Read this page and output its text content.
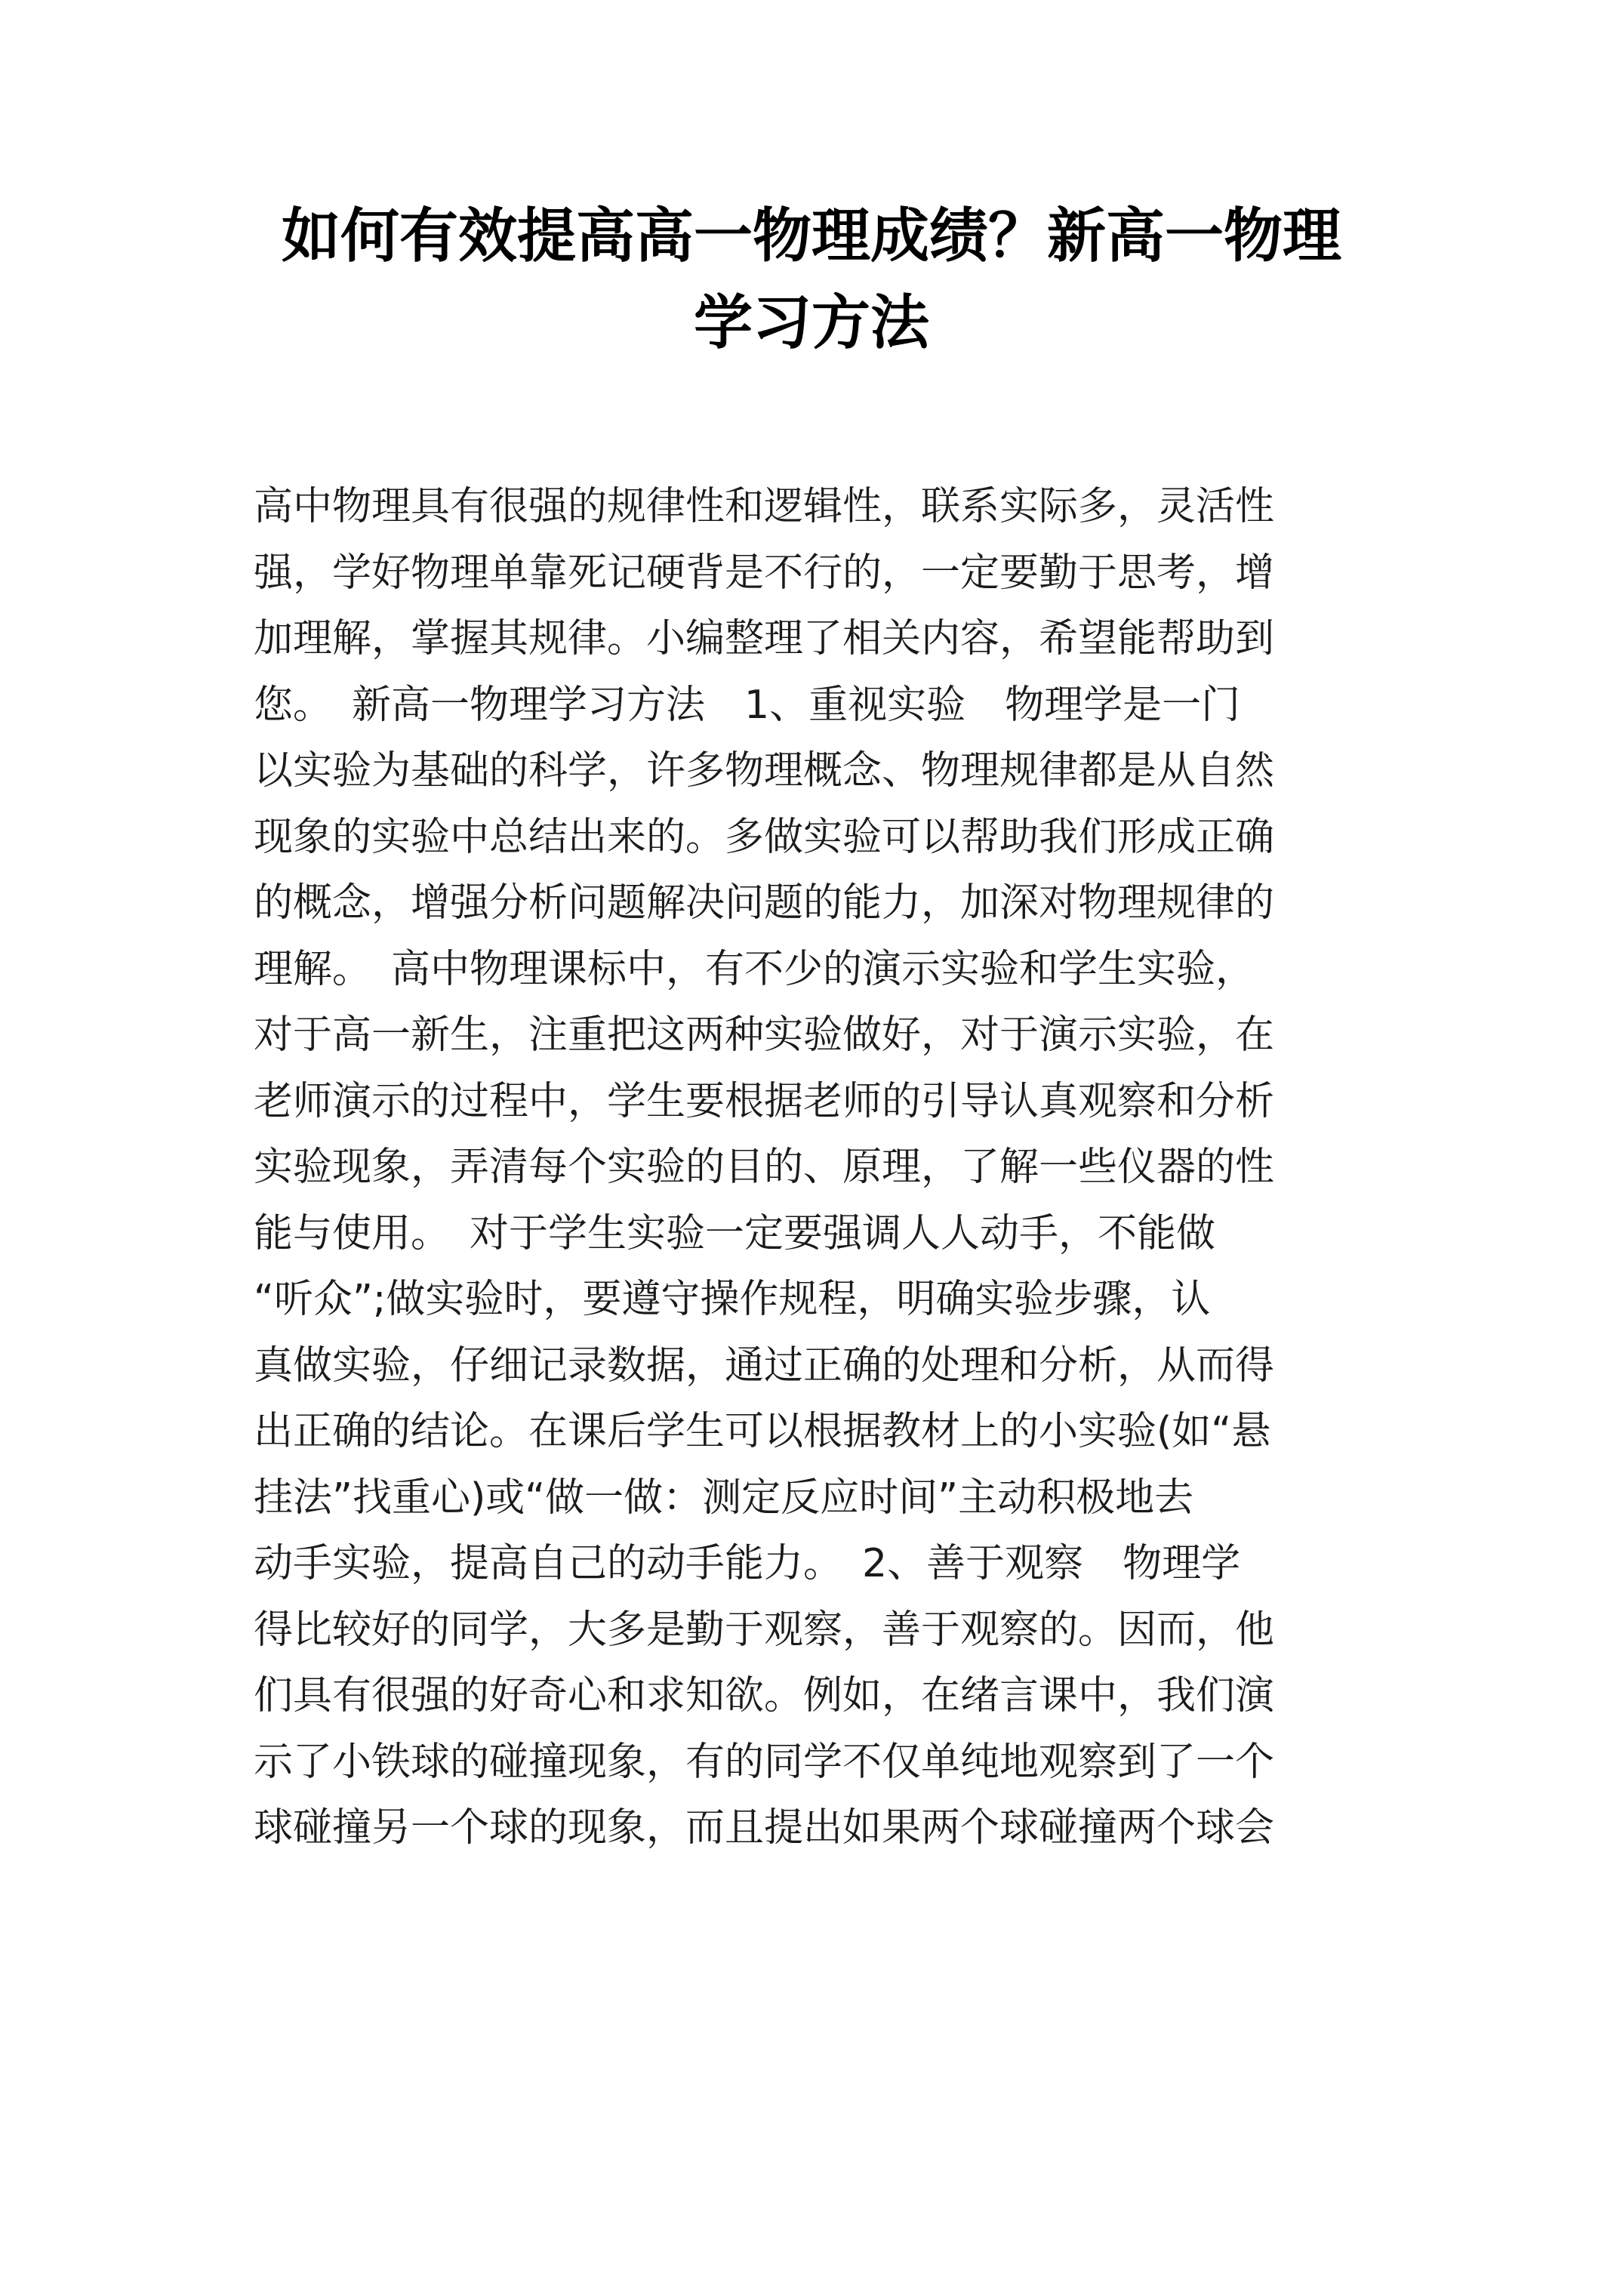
如何有效提高高一物理成绩？新高一物理
学习方法
高中物理具有很强的规律性和逻辑性，联系实际多，灵活性
强，学好物理单靠死记硬背是不行的，一定要勤于思考，增
加理解，掌握其规律。小编整理了相关内容，希望能帮助到
您。　新高一物理学习方法　1、重视实验　物理学是一门
以实验为基础的科学，许多物理概念、物理规律都是从自然
现象的实验中总结出来的。多做实验可以帮助我们形成正确
的概念，增强分析问题解决问题的能力，加深对物理规律的
理解。　高中物理课标中，有不少的演示实验和学生实验，
对于高一新生，注重把这两种实验做好，对于演示实验，在
老师演示的过程中，学生要根据老师的引导认真观察和分析
实验现象，弄清每个实验的目的、原理，了解一些仪器的性
能与使用。　对于学生实验一定要强调人人动手，不能做
“听众”;做实验时，要遵守操作规程，明确实验步骤，认
真做实验，仔细记录数据，通过正确的处理和分析，从而得
出正确的结论。在课后学生可以根据教材上的小实验(如“悬
挂法”找重心)或“做一做：测定反应时间”主动积极地去
动手实验，提高自己的动手能力。　2、善于观察　物理学
得比较好的同学，大多是勤于观察，善于观察的。因而，他
们具有很强的好奇心和求知欲。例如，在绪言课中，我们演
示了小铁球的碰撞现象，有的同学不仅单纯地观察到了一个
球碰撞另一个球的现象，而且提出如果两个球碰撞两个球会
